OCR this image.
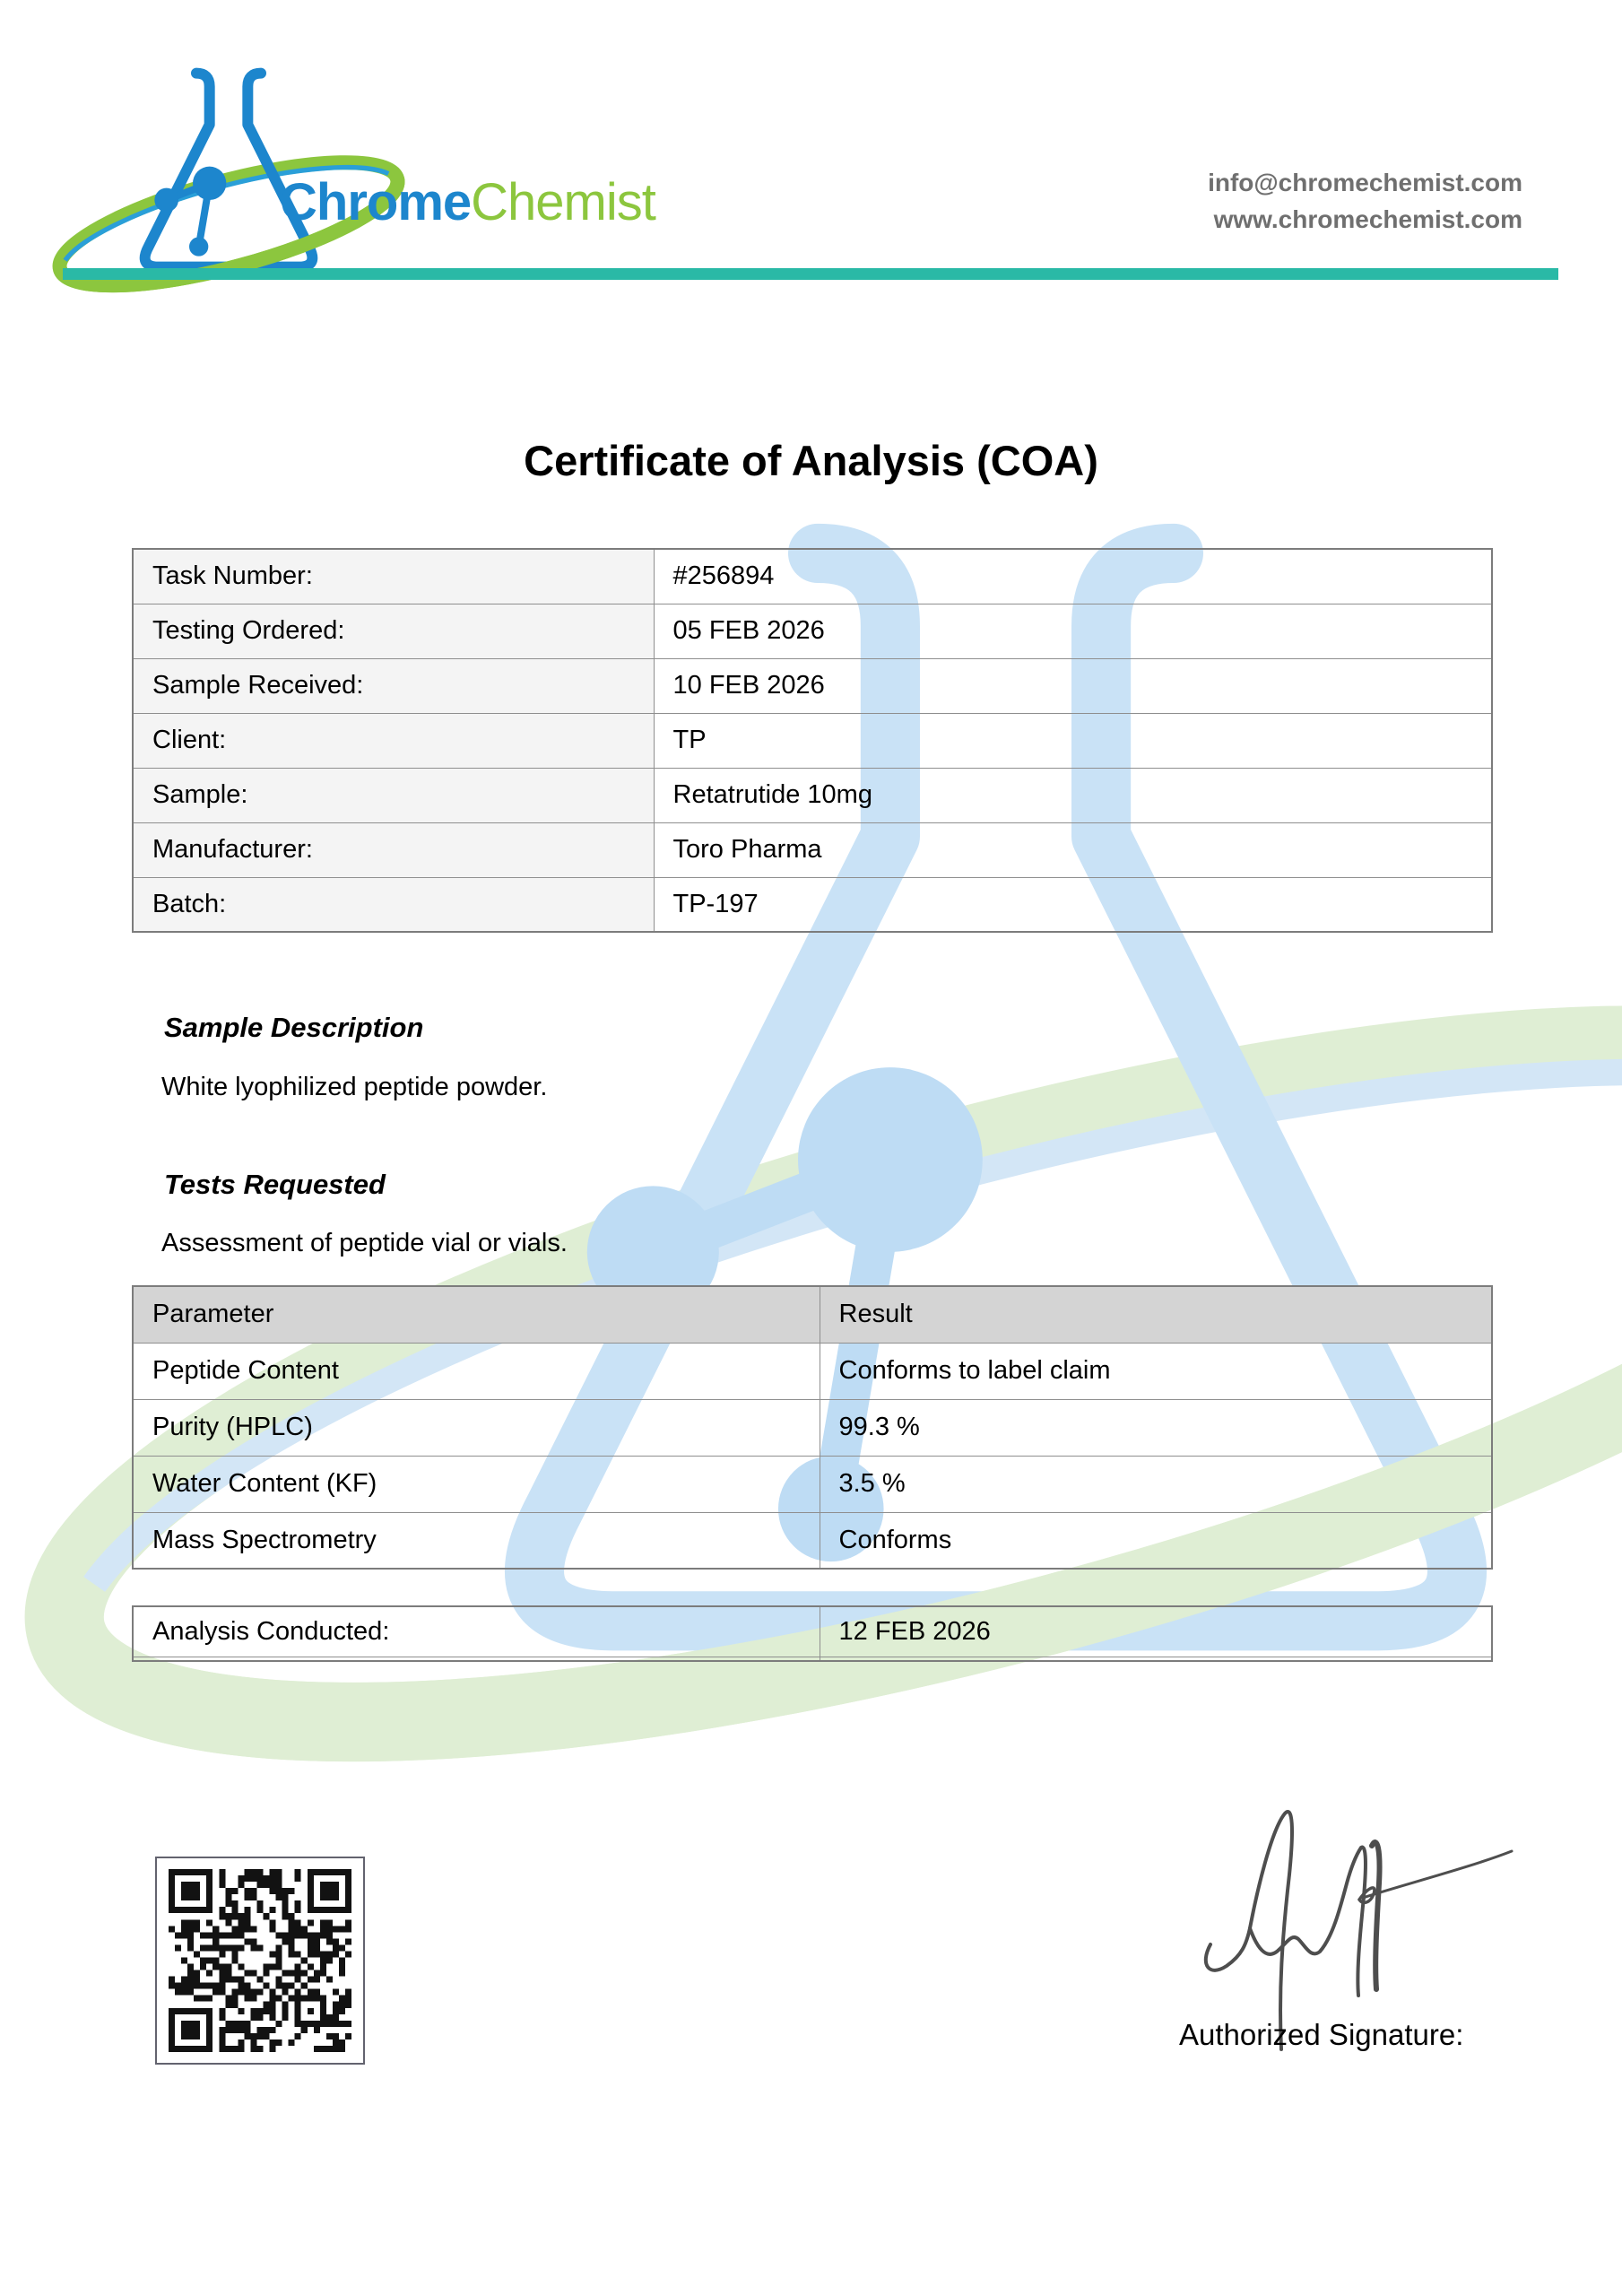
ChromeChemist	info@chromechemist.com
www.chromechemist.com
Certificate of Analysis (COA)
Task Number:	#256894
Testing Ordered:	05 FEB 2026
Sample Received:	10 FEB 2026
Client:	TP
Sample:	Retatrutide 10mg
Manufacturer:	Toro Pharma
Batch:	TP-197
Sample Description
White lyophilized peptide powder.
Tests Requested
Assessment of peptide vial or vials.
Parameter	Result
Peptide Content	Conforms to label claim
Purity (HPLC)	99.3 %
Water Content (KF)	3.5 %
Mass Spectrometry	Conforms
Analysis Conducted:	12 FEB 2026

Authorized Signature:
